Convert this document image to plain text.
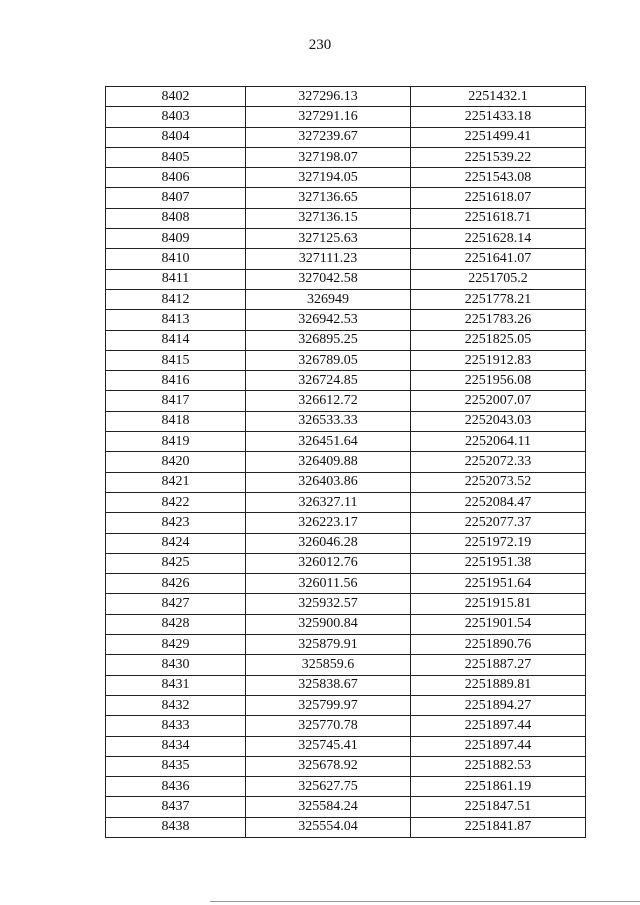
230
8402	327296.13	2251432.1
8403	327291.16	2251433.18
8404	327239.67	2251499.41
8405	327198.07	2251539.22
8406	327194.05	2251543.08
8407	327136.65	2251618.07
8408	327136.15	2251618.71
8409	327125.63	2251628.14
8410	327111.23	2251641.07
8411	327042.58	2251705.2
8412	326949	2251778.21
8413	326942.53	2251783.26
8414	326895.25	2251825.05
8415	326789.05	2251912.83
8416	326724.85	2251956.08
8417	326612.72	2252007.07
8418	326533.33	2252043.03
8419	326451.64	2252064.11
8420	326409.88	2252072.33
8421	326403.86	2252073.52
8422	326327.11	2252084.47
8423	326223.17	2252077.37
8424	326046.28	2251972.19
8425	326012.76	2251951.38
8426	326011.56	2251951.64
8427	325932.57	2251915.81
8428	325900.84	2251901.54
8429	325879.91	2251890.76
8430	325859.6	2251887.27
8431	325838.67	2251889.81
8432	325799.97	2251894.27
8433	325770.78	2251897.44
8434	325745.41	2251897.44
8435	325678.92	2251882.53
8436	325627.75	2251861.19
8437	325584.24	2251847.51
8438	325554.04	2251841.87
